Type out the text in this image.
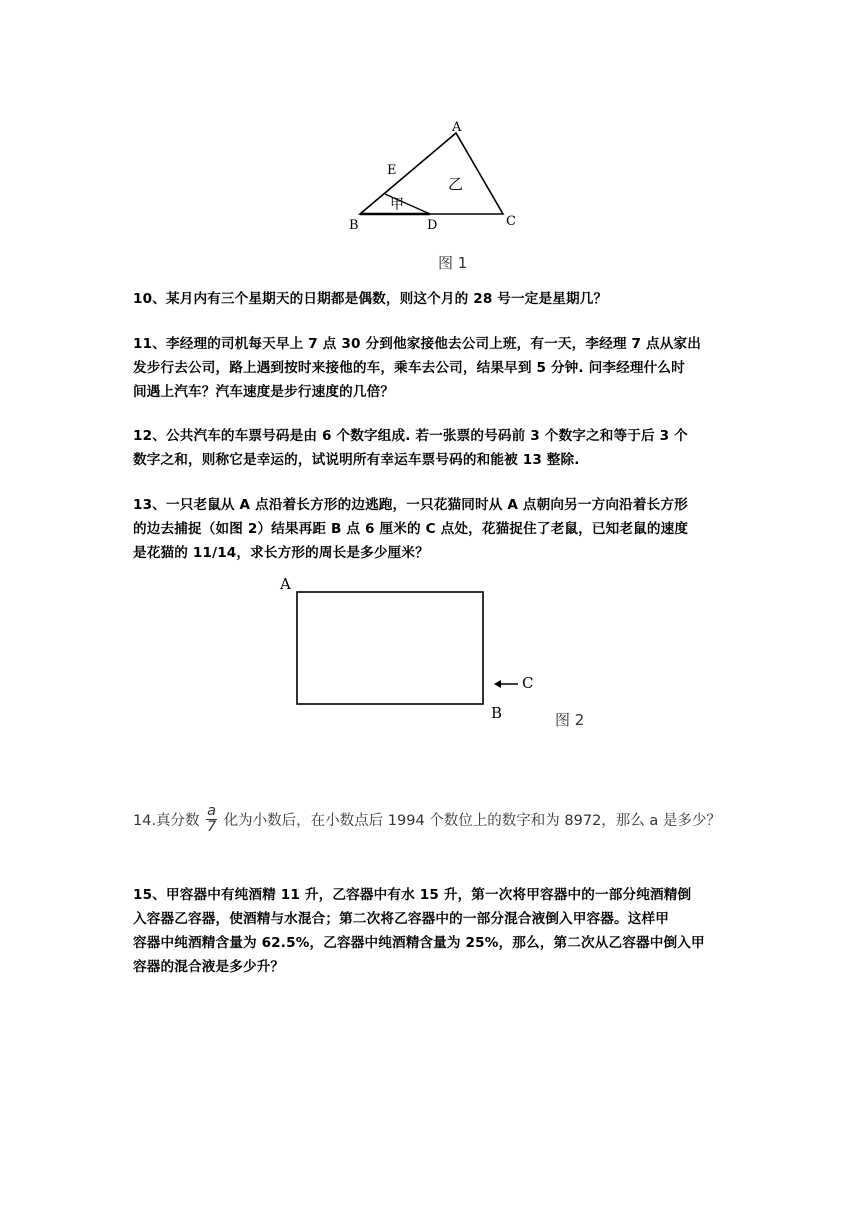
A
B	C
D
E
甲
乙
图 1
10、某月内有三个星期天的日期都是偶数，则这个月的 28 号一定是星期几？
11、李经理的司机每天早上 7 点 30 分到他家接他去公司上班，有一天，李经理 7 点从家出
发步行去公司，路上遇到按时来接他的车，乘车去公司，结果早到 5 分钟. 问李经理什么时
间遇上汽车？汽车速度是步行速度的几倍？
12、公共汽车的车票号码是由 6 个数字组成. 若一张票的号码前 3 个数字之和等于后 3 个
数字之和，则称它是幸运的，试说明所有幸运车票号码的和能被 13 整除.
13、一只老鼠从 A 点沿着长方形的边逃跑，一只花猫同时从 A 点朝向另一方向沿着长方形
的边去捕捉（如图 2）结果再距 B 点 6 厘米的 C 点处，花猫捉住了老鼠，已知老鼠的速度
是花猫的 11/14，求长方形的周长是多少厘米？
A
B
C
图 2
14.真分数 $\frac{a}{7}$ 化为小数后，在小数点后 1994 个数位上的数字和为 8972，那么 a 是多少？
15、甲容器中有纯酒精 11 升，乙容器中有水 15 升，第一次将甲容器中的一部分纯酒精倒
入容器乙容器，使酒精与水混合；第二次将乙容器中的一部分混合液倒入甲容器。这样甲
容器中纯酒精含量为 62.5%，乙容器中纯酒精含量为 25%，那么，第二次从乙容器中倒入甲
容器的混合液是多少升？
